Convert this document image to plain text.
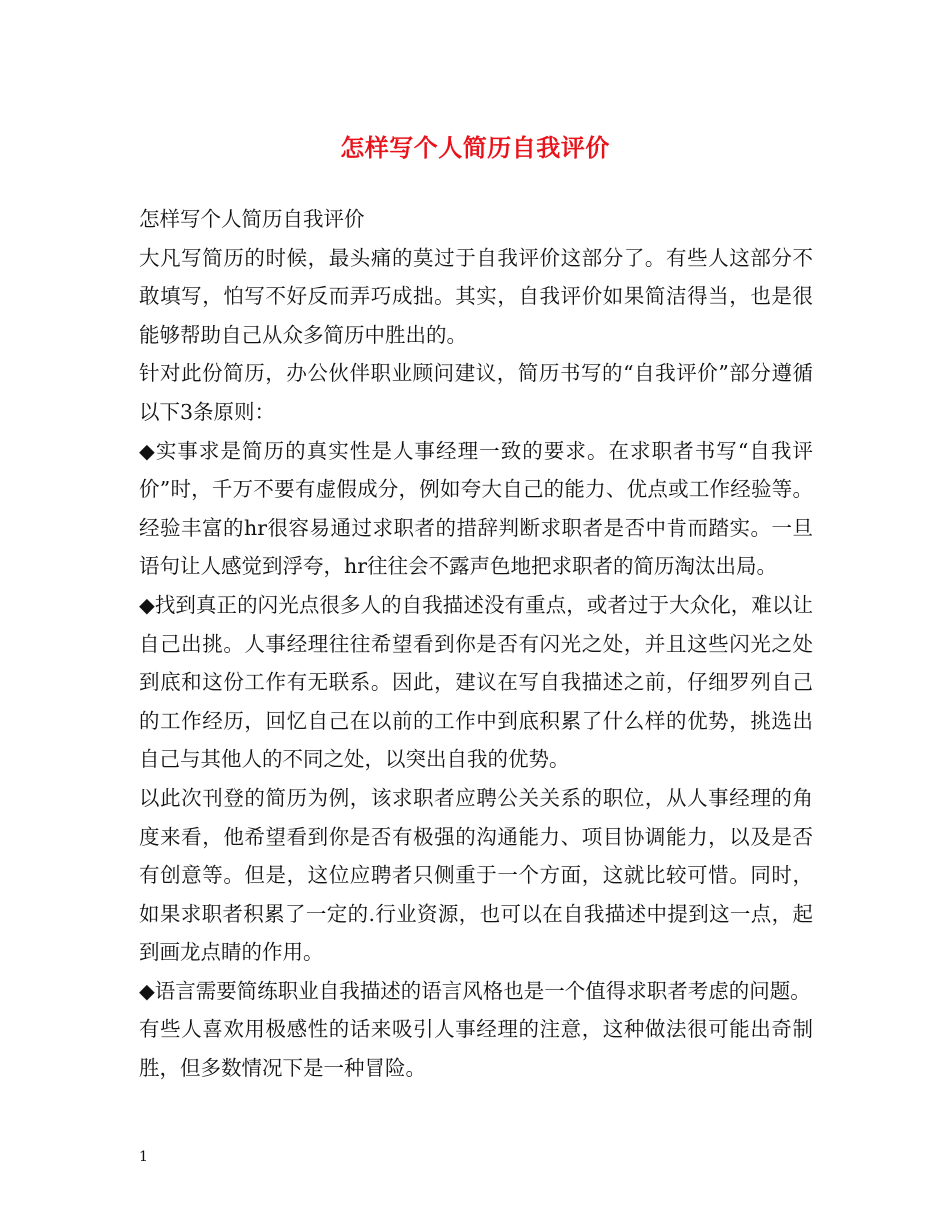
怎样写个人简历自我评价

怎样写个人简历自我评价

大凡写简历的时候，最头痛的莫过于自我评价这部分了。有些人这部分不敢填写，怕写不好反而弄巧成拙。其实，自我评价如果简洁得当，也是很能够帮助自己从众多简历中胜出的。

针对此份简历，办公伙伴职业顾问建议，简历书写的“自我评价”部分遵循以下3条原则：

◆实事求是简历的真实性是人事经理一致的要求。在求职者书写“自我评价”时，千万不要有虚假成分，例如夸大自己的能力、优点或工作经验等。经验丰富的hr很容易通过求职者的措辞判断求职者是否中肯而踏实。一旦语句让人感觉到浮夸，hr往往会不露声色地把求职者的简历淘汰出局。

◆找到真正的闪光点很多人的自我描述没有重点，或者过于大众化，难以让自己出挑。人事经理往往希望看到你是否有闪光之处，并且这些闪光之处到底和这份工作有无联系。因此，建议在写自我描述之前，仔细罗列自己的工作经历，回忆自己在以前的工作中到底积累了什么样的优势，挑选出自己与其他人的不同之处，以突出自我的优势。

以此次刊登的简历为例，该求职者应聘公关关系的职位，从人事经理的角度来看，他希望看到你是否有极强的沟通能力、项目协调能力，以及是否有创意等。但是，这位应聘者只侧重于一个方面，这就比较可惜。同时，如果求职者积累了一定的.行业资源，也可以在自我描述中提到这一点，起到画龙点睛的作用。

◆语言需要简练职业自我描述的语言风格也是一个值得求职者考虑的问题。

有些人喜欢用极感性的话来吸引人事经理的注意，这种做法很可能出奇制胜，但多数情况下是一种冒险。

1
